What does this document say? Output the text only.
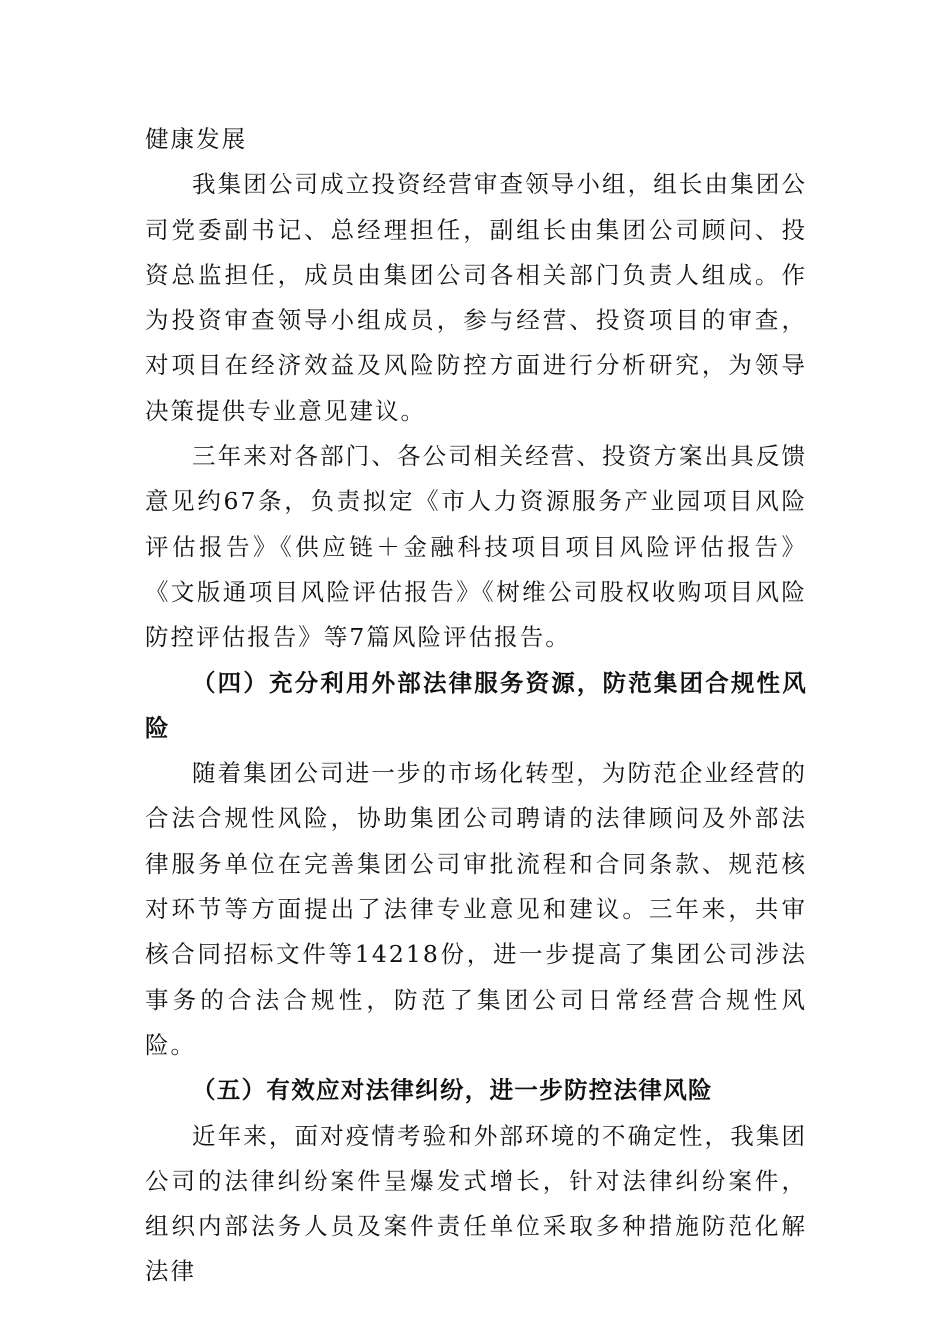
健康发展

我集团公司成立投资经营审查领导小组，组长由集团公司党委副书记、总经理担任，副组长由集团公司顾问、投资总监担任，成员由集团公司各相关部门负责人组成。作为投资审查领导小组成员，参与经营、投资项目的审查，对项目在经济效益及风险防控方面进行分析研究，为领导决策提供专业意见建议。

三年来对各部门、各公司相关经营、投资方案出具反馈意见约67条，负责拟定《市人力资源服务产业园项目风险评估报告》《供应链＋金融科技项目项目风险评估报告》《文版通项目风险评估报告》《树维公司股权收购项目风险防控评估报告》等7篇风险评估报告。

（四）充分利用外部法律服务资源，防范集团合规性风险

随着集团公司进一步的市场化转型，为防范企业经营的合法合规性风险，协助集团公司聘请的法律顾问及外部法律服务单位在完善集团公司审批流程和合同条款、规范核对环节等方面提出了法律专业意见和建议。三年来，共审核合同招标文件等14218份，进一步提高了集团公司涉法事务的合法合规性，防范了集团公司日常经营合规性风险。

（五）有效应对法律纠纷，进一步防控法律风险

近年来，面对疫情考验和外部环境的不确定性，我集团公司的法律纠纷案件呈爆发式增长，针对法律纠纷案件，组织内部法务人员及案件责任单位采取多种措施防范化解法律
